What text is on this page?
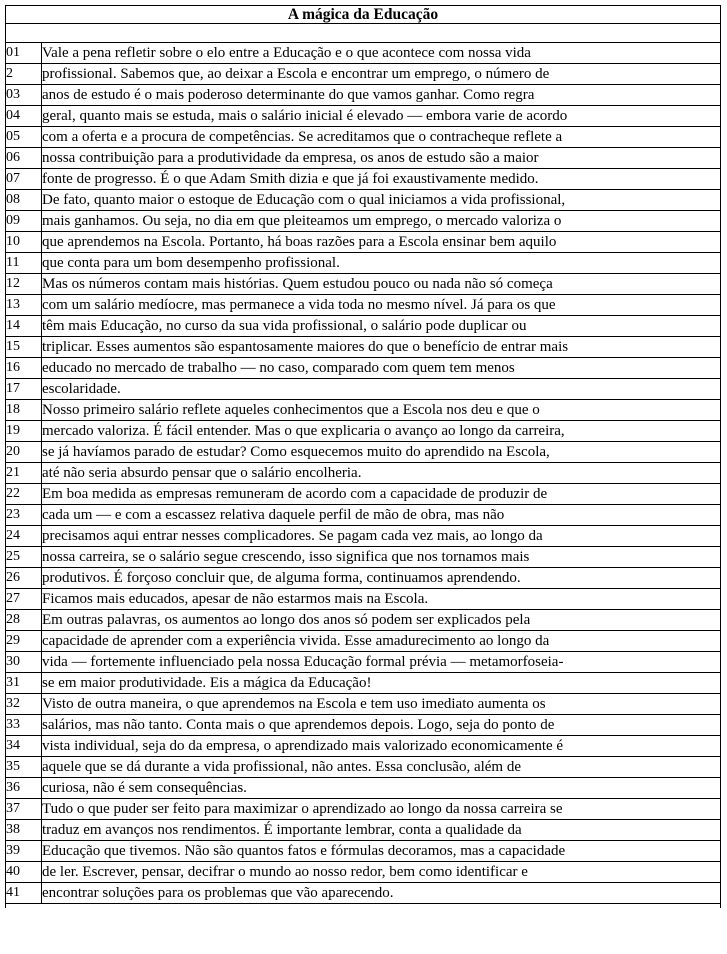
A mágica da Educação	

01	Vale a pena refletir sobre o elo entre a Educação e o que acontece com nossa vida
2	profissional. Sabemos que, ao deixar a Escola e encontrar um emprego, o número de
03	anos de estudo é o mais poderoso determinante do que vamos ganhar. Como regra
04	geral, quanto mais se estuda, mais o salário inicial é elevado — embora varie de acordo
05	com a oferta e a procura de competências. Se acreditamos que o contracheque reflete a
06	nossa contribuição para a produtividade da empresa, os anos de estudo são a maior
07	fonte de progresso. É o que Adam Smith dizia e que já foi exaustivamente medido.
08	De fato, quanto maior o estoque de Educação com o qual iniciamos a vida profissional,
09	mais ganhamos. Ou seja, no dia em que pleiteamos um emprego, o mercado valoriza o
10	que aprendemos na Escola. Portanto, há boas razões para a Escola ensinar bem aquilo
11	que conta para um bom desempenho profissional.
12	Mas os números contam mais histórias. Quem estudou pouco ou nada não só começa
13	com um salário medíocre, mas permanece a vida toda no mesmo nível. Já para os que
14	têm mais Educação, no curso da sua vida profissional, o salário pode duplicar ou
15	triplicar. Esses aumentos são espantosamente maiores do que o benefício de entrar mais
16	educado no mercado de trabalho — no caso, comparado com quem tem menos
17	escolaridade.
18	Nosso primeiro salário reflete aqueles conhecimentos que a Escola nos deu e que o
19	mercado valoriza. É fácil entender. Mas o que explicaria o avanço ao longo da carreira,
20	se já havíamos parado de estudar? Como esquecemos muito do aprendido na Escola,
21	até não seria absurdo pensar que o salário encolheria.
22	Em boa medida as empresas remuneram de acordo com a capacidade de produzir de
23	cada um — e com a escassez relativa daquele perfil de mão de obra, mas não
24	precisamos aqui entrar nesses complicadores. Se pagam cada vez mais, ao longo da
25	nossa carreira, se o salário segue crescendo, isso significa que nos tornamos mais
26	produtivos. É forçoso concluir que, de alguma forma, continuamos aprendendo.
27	Ficamos mais educados, apesar de não estarmos mais na Escola.
28	Em outras palavras, os aumentos ao longo dos anos só podem ser explicados pela
29	capacidade de aprender com a experiência vivida. Esse amadurecimento ao longo da
30	vida — fortemente influenciado pela nossa Educação formal prévia — metamorfoseia-
31	se em maior produtividade. Eis a mágica da Educação!
32	Visto de outra maneira, o que aprendemos na Escola e tem uso imediato aumenta os
33	salários, mas não tanto. Conta mais o que aprendemos depois. Logo, seja do ponto de
34	vista individual, seja do da empresa, o aprendizado mais valorizado economicamente é
35	aquele que se dá durante a vida profissional, não antes. Essa conclusão, além de
36	curiosa, não é sem consequências.
37	Tudo o que puder ser feito para maximizar o aprendizado ao longo da nossa carreira se
38	traduz em avanços nos rendimentos. É importante lembrar, conta a qualidade da
39	Educação que tivemos. Não são quantos fatos e fórmulas decoramos, mas a capacidade
40	de ler. Escrever, pensar, decifrar o mundo ao nosso redor, bem como identificar e
41	encontrar soluções para os problemas que vão aparecendo.
